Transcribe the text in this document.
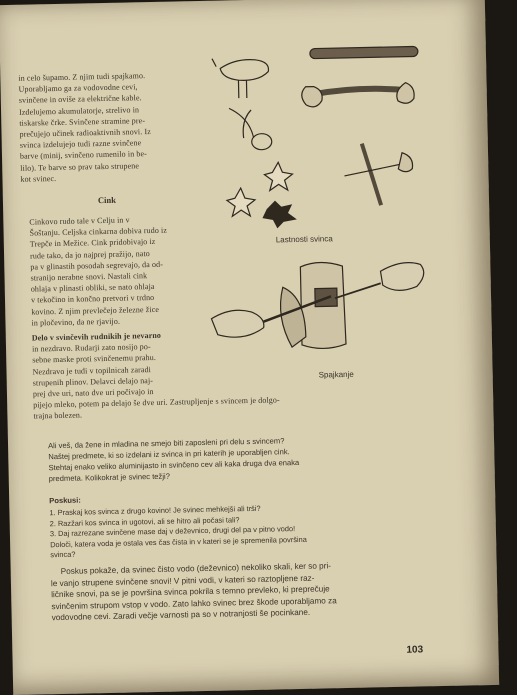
in celo šupamo. Z njim tudi spajkamo.

Uporabljamo ga za vodovodne cevi,

svinčene in oviše za električne kable.

Izdelujemo akumulatorje, strelivo in

tiskarske črke. Svinčene stramine pre-

prečujejo učinek radioaktivnih snovi. Iz

svinca izdelujejo tudi razne svinčene

barve (minij, svinčeno rumenilo in be-

lilo). Te barve so prav tako strupene

kot svinec.

Cink

Cinkovo rudo tale v Celju in v

Šoštanju. Celjska cinkarna dobiva rudo iz

Trepče in Mežice. Cink pridobivajo iz

rude tako, da jo najprej pražijo, nato

pa v glinastih posodah segrevajo, da od-

stranijo nerabne snovi. Nastali cink

ohlaja v plinasti obliki, se nato ohlaja

v tekočino in končno pretvori v trdno

kovino. Z njim prevlečejo železne žice

in pločevino, da ne rjavijo.

Delo v svinčevih rudnikih je nevarno

in nezdravo. Rudarji zato nosijo po-

sebne maske proti svinčenemu prahu.

Nezdravo je tudi v topilnicah zaradi

strupenih plinov. Delavci delajo naj-

prej dve uri, nato dve uri počivajo in

pijejo mleko, potem pa delajo še dve uri. Zastrupljenje s svincem je dolgo-

trajna bolezen.

Lastnosti svinca
Spajkanje

Ali veš, da žene in mladina ne smejo biti zaposleni pri delu s svincem?

Naštej predmete, ki so izdelani iz svinca in pri katerih je uporabljen cink.

Stehtaj enako veliko aluminijasto in svinčeno cev ali kaka druga dva enaka

predmeta. Kolikokrat je svinec težji?

Poskusi:

1. Praskaj kos svinca z drugo kovino! Je svinec mehkejši ali trši?

2. Razžari kos svinca in ugotovi, ali se hitro ali počasi tali?

3. Daj razrezane svinčene mase daj v deževnico, drugi del pa v pitno vodo!

Določi, katera voda je ostala ves čas čista in v kateri se je spremenila površina

svinca?

Poskus pokaže, da svinec čisto vodo (deževnico) nekoliko skali, ker so pri-

le vanjo strupene svinčene snovi! V pitni vodi, v kateri so raztopljene raz-

ličnike snovi, pa se je površina svinca pokrila s temno prevleko, ki preprečuje

svinčenim strupom vstop v vodo. Zato lahko svinec brez škode uporabljamo za

vodovodne cevi. Zaradi večje varnosti pa so v notranjosti še pocinkane.

103
